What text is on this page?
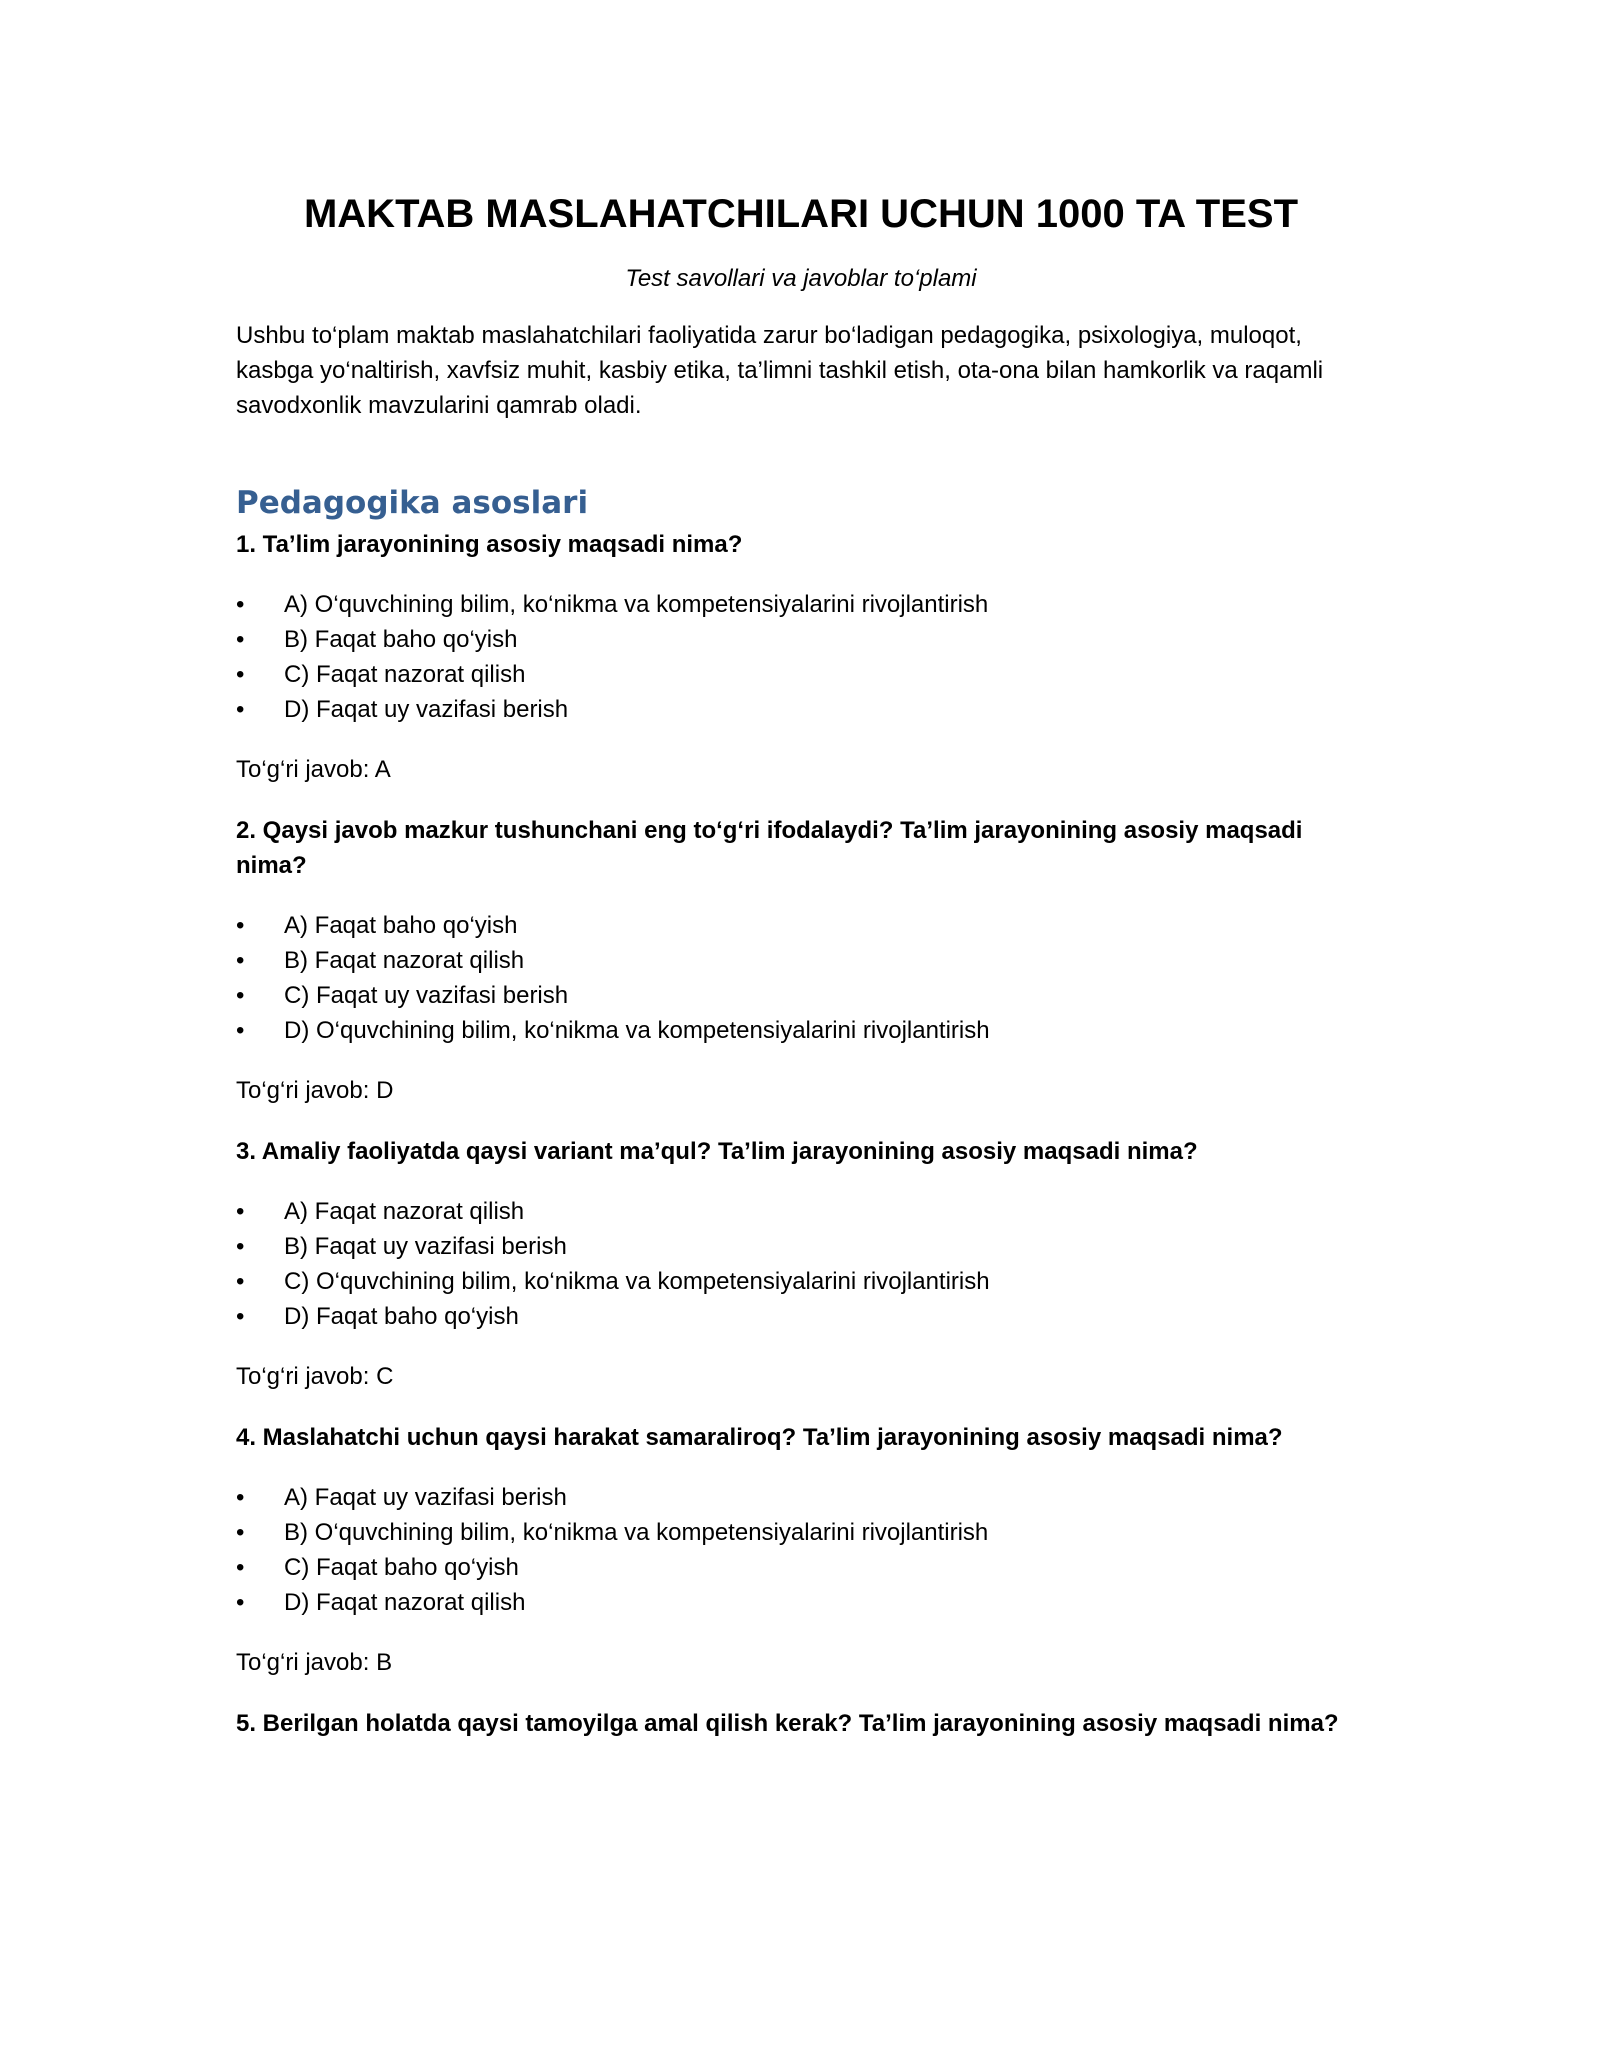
MAKTAB MASLAHATCHILARI UCHUN 1000 TA TEST
Test savollari va javoblar to‘plami

Ushbu to‘plam maktab maslahatchilari faoliyatida zarur bo‘ladigan pedagogika, psixologiya, muloqot, kasbga yo‘naltirish, xavfsiz muhit, kasbiy etika, ta’limni tashkil etish, ota-ona bilan hamkorlik va raqamli savodxonlik mavzularini qamrab oladi.

Pedagogika asoslari

1. Ta’lim jarayonining asosiy maqsadi nima?

• A) O‘quvchining bilim, ko‘nikma va kompetensiyalarini rivojlantirish
• B) Faqat baho qo‘yish
• C) Faqat nazorat qilish
• D) Faqat uy vazifasi berish

To‘g‘ri javob: A

2. Qaysi javob mazkur tushunchani eng to‘g‘ri ifodalaydi? Ta’lim jarayonining asosiy maqsadi nima?

• A) Faqat baho qo‘yish
• B) Faqat nazorat qilish
• C) Faqat uy vazifasi berish
• D) O‘quvchining bilim, ko‘nikma va kompetensiyalarini rivojlantirish

To‘g‘ri javob: D

3. Amaliy faoliyatda qaysi variant ma’qul? Ta’lim jarayonining asosiy maqsadi nima?

• A) Faqat nazorat qilish
• B) Faqat uy vazifasi berish
• C) O‘quvchining bilim, ko‘nikma va kompetensiyalarini rivojlantirish
• D) Faqat baho qo‘yish

To‘g‘ri javob: C

4. Maslahatchi uchun qaysi harakat samaraliroq? Ta’lim jarayonining asosiy maqsadi nima?

• A) Faqat uy vazifasi berish
• B) O‘quvchining bilim, ko‘nikma va kompetensiyalarini rivojlantirish
• C) Faqat baho qo‘yish
• D) Faqat nazorat qilish

To‘g‘ri javob: B

5. Berilgan holatda qaysi tamoyilga amal qilish kerak? Ta’lim jarayonining asosiy maqsadi nima?
